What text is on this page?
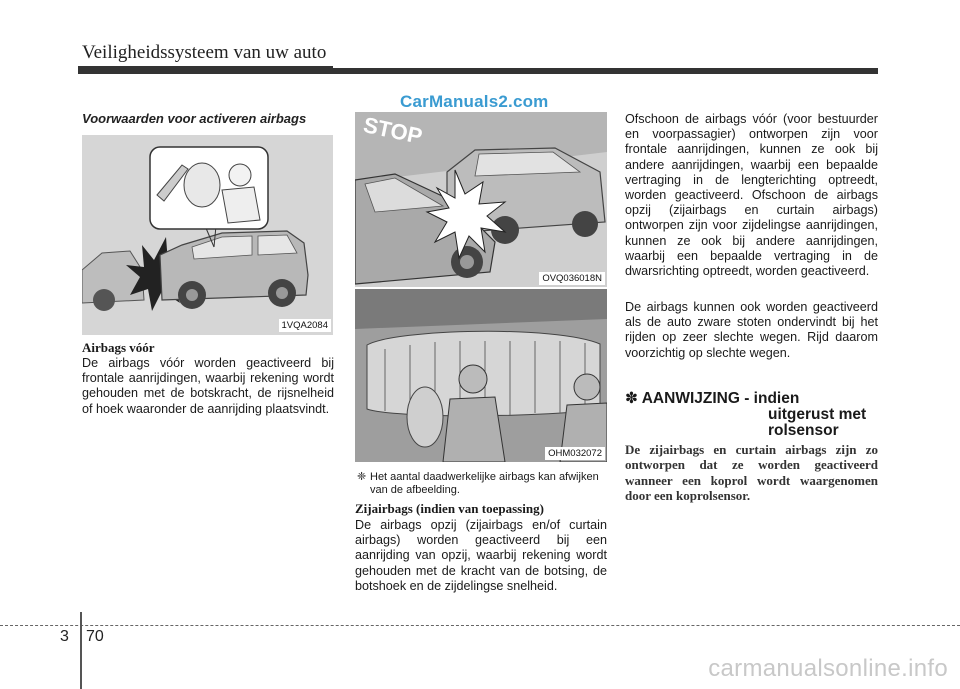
Veiligheidssysteem van uw auto
CarManuals2.com
Voorwaarden voor activeren airbags
1VQA2084
Airbags vóór
De airbags vóór worden geactiveerd bij frontale aanrijdingen, waarbij rekening wordt gehouden met de botskracht, de rijsnelheid of hoek waaronder de aanrijding plaatsvindt.
STOP
OVQ036018N
OHM032072
❈ Het aantal daadwerkelijke airbags kan afwijken van de afbeelding.
Zijairbags (indien van toepassing)
De airbags opzij (zijairbags en/of curtain airbags) worden geactiveerd bij een aanrijding van opzij, waarbij rekening wordt gehouden met de kracht van de botsing, de botshoek en de zijdelingse snelheid.
Ofschoon de airbags vóór (voor bestuurder en voorpassagier) ontworpen zijn voor frontale aanrijdingen, kunnen ze ook bij andere aanrijdingen, waarbij een bepaalde vertraging in de lengterichting optreedt, worden geactiveerd. Ofschoon de airbags opzij (zijairbags en curtain airbags) ontworpen zijn voor zijdelingse aanrijdingen, kunnen ze ook bij andere aanrijdingen, waarbij een bepaalde vertraging in de dwarsrichting optreedt, worden geactiveerd.
De airbags kunnen ook worden geactiveerd als de auto zware stoten ondervindt bij het rijden op zeer slechte wegen. Rijd daarom voorzichtig op slechte wegen.
✽ AANWIJZING - indien
uitgerust met
rolsensor
De zijairbags en curtain airbags zijn zo ontworpen dat ze worden geactiveerd wanneer een koprol wordt waargenomen door een koprolsensor.
3 70
carmanualsonline.info
